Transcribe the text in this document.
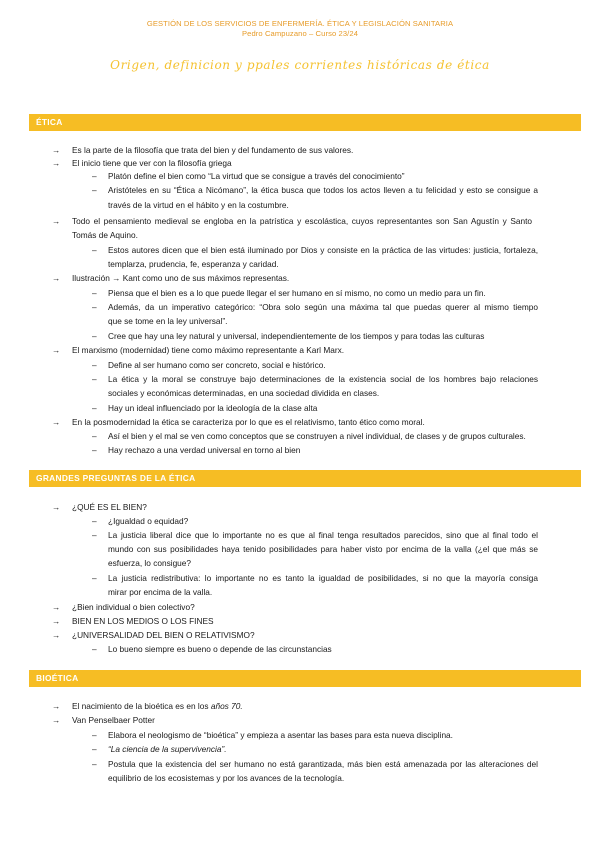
GESTIÓN DE LOS SERVICIOS DE ENFERMERÍA. ÉTICA Y LEGISLACIÓN SANITARIA
Pedro Campuzano – Curso 23/24
Origen, definicion y ppales corrientes históricas de ética
ÉTICA
→ Es la parte de la filosofía que trata del bien y del fundamento de sus valores.
→ El inicio tiene que ver con la filosofía griega
– Platón define el bien como “La virtud que se consigue a través del conocimiento”
– Aristóteles en su “Ética a Nicómano”, la ética busca que todos los actos lleven a tu felicidad y esto se consigue a
través de la virtud en el hábito y en la costumbre.
→ Todo el pensamiento medieval se engloba en la patrística y escolástica, cuyos representantes son San Agustín y Santo
Tomás de Aquino.
– Estos autores dicen que el bien está iluminado por Dios y consiste en la práctica de las virtudes: justicia, fortaleza,
templarza, prudencia, fe, esperanza y caridad.
→ Ilustración → Kant como uno de sus máximos representas.
– Piensa que el bien es a lo que puede llegar el ser humano en sí mismo, no como un medio para un fin.
– Además, da un imperativo categórico: “Obra solo según una máxima tal que puedas querer al mismo tiempo
que se tome en la ley universal”.
– Cree que hay una ley natural y universal, independientemente de los tiempos y para todas las culturas
→ El marxismo (modernidad) tiene como máximo representante a Karl Marx.
– Define al ser humano como ser concreto, social e histórico.
– La ética y la moral se construye bajo determinaciones de la existencia social de los hombres bajo relaciones
sociales y económicas determinadas, en una sociedad dividida en clases.
– Hay un ideal influenciado por la ideología de la clase alta
→ En la posmodernidad la ética se caracteriza por lo que es el relativismo, tanto ético como moral.
– Así el bien y el mal se ven como conceptos que se construyen a nivel individual, de clases y de grupos culturales.
– Hay rechazo a una verdad universal en torno al bien
GRANDES PREGUNTAS DE LA ÉTICA
→ ¿QUÉ ES EL BIEN?
– ¿Igualdad o equidad?
– La justicia liberal dice que lo importante no es que al final tenga resultados parecidos, sino que al final todo el
mundo con sus posibilidades haya tenido posibilidades para haber visto por encima de la valla (¿el que más se
esfuerza, lo consigue?
– La justicia redistributiva: lo importante no es tanto la igualdad de posibilidades, si no que la mayoría consiga
mirar por encima de la valla.
→ ¿Bien individual o bien colectivo?
→ BIEN EN LOS MEDIOS O LOS FINES
→ ¿UNIVERSALIDAD DEL BIEN O RELATIVISMO?
– Lo bueno siempre es bueno o depende de las circunstancias
BIOÉTICA
→ El nacimiento de la bioética es en los años 70.
→ Van Penselbaer Potter
– Elabora el neologismo de “bioética” y empieza a asentar las bases para esta nueva disciplina.
– “La ciencia de la supervivencia”.
– Postula que la existencia del ser humano no está garantizada, más bien está amenazada por las alteraciones del
equilibrio de los ecosistemas y por los avances de la tecnología.
